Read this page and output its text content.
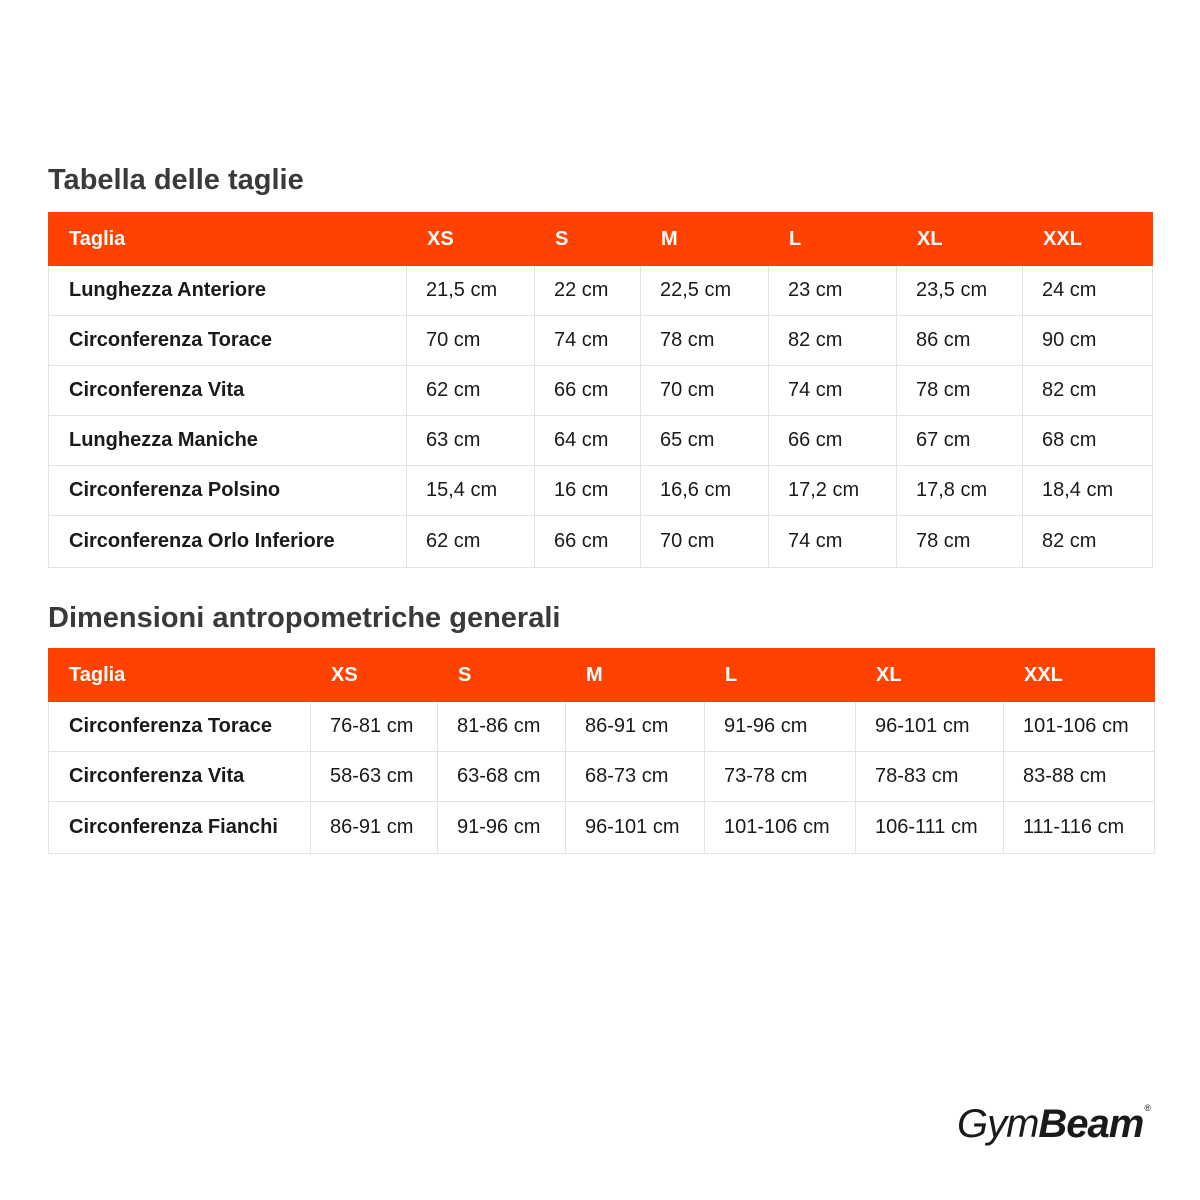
Tabella delle taglie
Taglia	XS	S	M	L	XL	XXL
Lunghezza Anteriore	21,5 cm	22 cm	22,5 cm	23 cm	23,5 cm	24 cm
Circonferenza Torace	70 cm	74 cm	78 cm	82 cm	86 cm	90 cm
Circonferenza Vita	62 cm	66 cm	70 cm	74 cm	78 cm	82 cm
Lunghezza Maniche	63 cm	64 cm	65 cm	66 cm	67 cm	68 cm
Circonferenza Polsino	15,4 cm	16 cm	16,6 cm	17,2 cm	17,8 cm	18,4 cm
Circonferenza Orlo Inferiore	62 cm	66 cm	70 cm	74 cm	78 cm	82 cm
Dimensioni antropometriche generali
Taglia	XS	S	M	L	XL	XXL
Circonferenza Torace	76-81 cm	81-86 cm	86-91 cm	91-96 cm	96-101 cm	101-106 cm
Circonferenza Vita	58-63 cm	63-68 cm	68-73 cm	73-78 cm	78-83 cm	83-88 cm
Circonferenza Fianchi	86-91 cm	91-96 cm	96-101 cm	101-106 cm	106-111 cm	111-116 cm
GymBeam®
